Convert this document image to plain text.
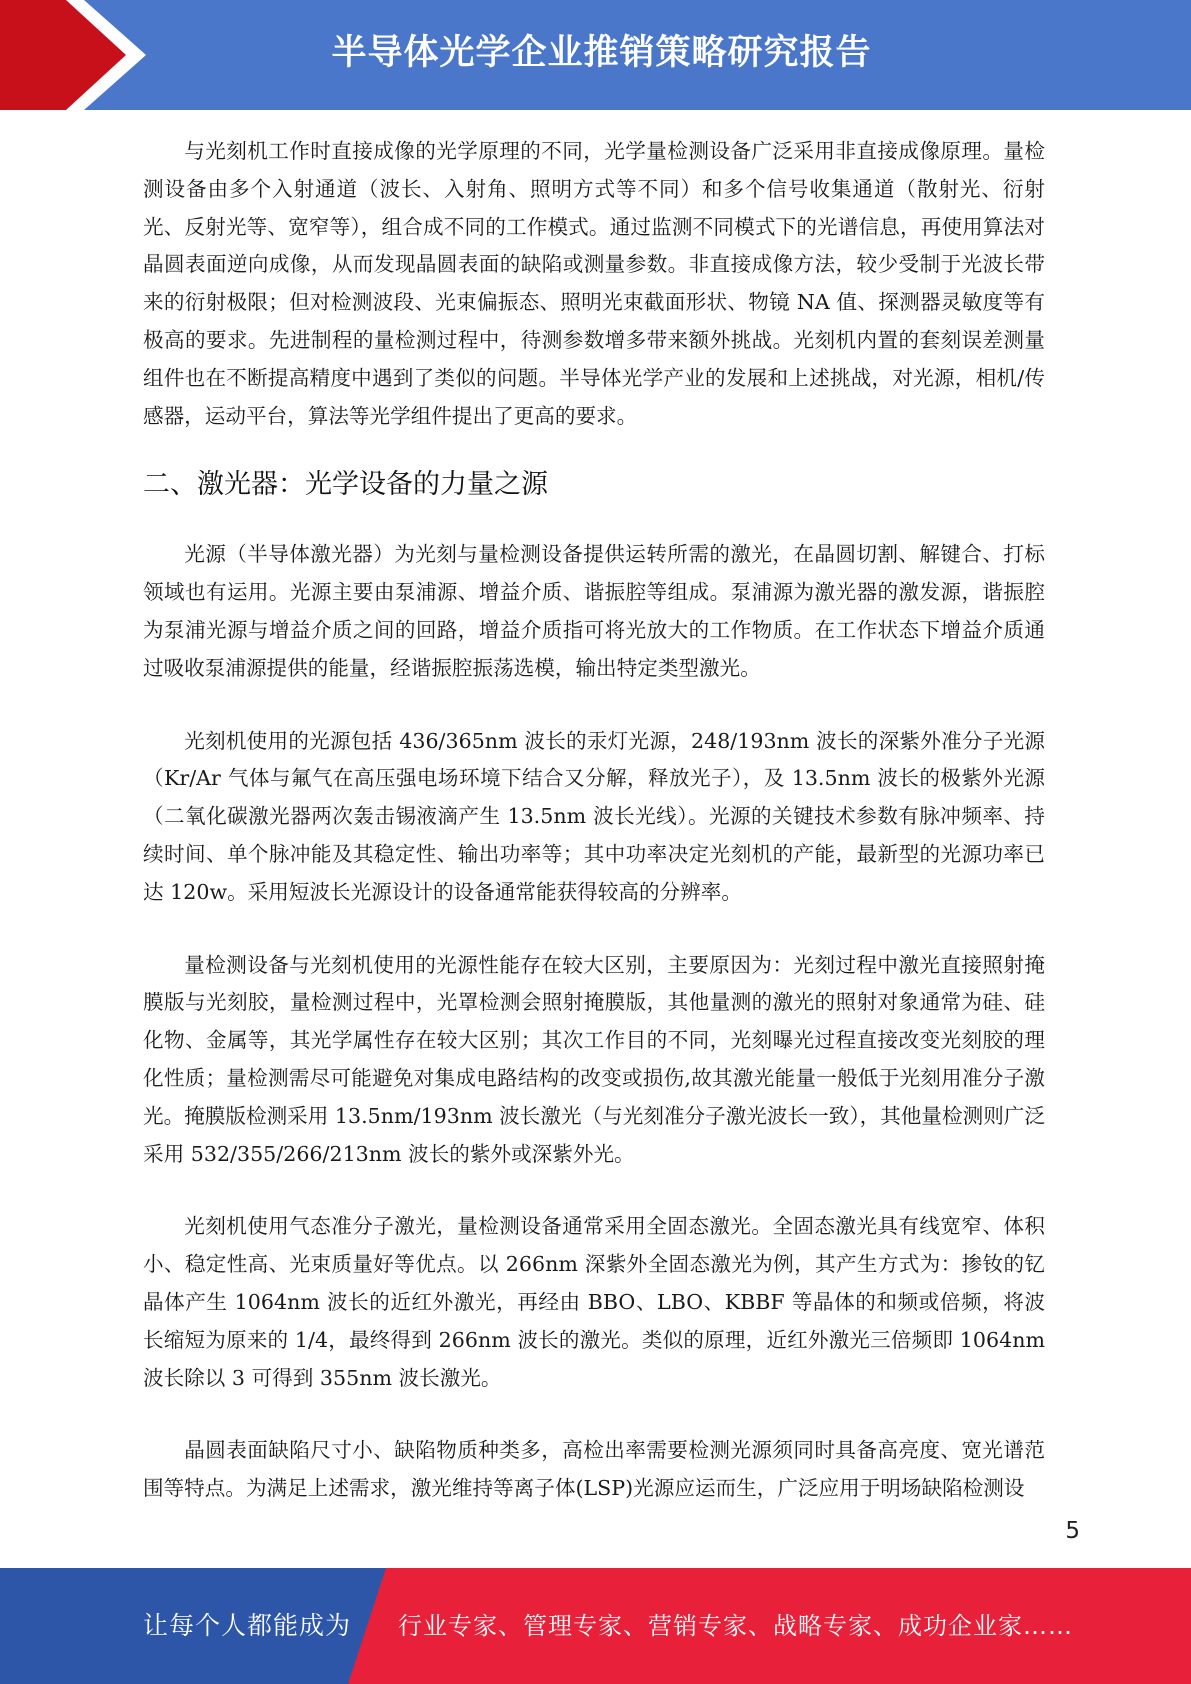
半导体光学企业推销策略研究报告

与光刻机工作时直接成像的光学原理的不同，光学量检测设备广泛采用非直接成像原理。量检测设备由多个入射通道（波长、入射角、照明方式等不同）和多个信号收集通道（散射光、衍射光、反射光等、宽窄等），组合成不同的工作模式。通过监测不同模式下的光谱信息，再使用算法对晶圆表面逆向成像，从而发现晶圆表面的缺陷或测量参数。非直接成像方法，较少受制于光波长带来的衍射极限；但对检测波段、光束偏振态、照明光束截面形状、物镜 NA 值、探测器灵敏度等有极高的要求。先进制程的量检测过程中，待测参数增多带来额外挑战。光刻机内置的套刻误差测量组件也在不断提高精度中遇到了类似的问题。半导体光学产业的发展和上述挑战，对光源，相机/传感器，运动平台，算法等光学组件提出了更高的要求。

二、激光器：光学设备的力量之源

光源（半导体激光器）为光刻与量检测设备提供运转所需的激光，在晶圆切割、解键合、打标领域也有运用。光源主要由泵浦源、增益介质、谐振腔等组成。泵浦源为激光器的激发源，谐振腔为泵浦光源与增益介质之间的回路，增益介质指可将光放大的工作物质。在工作状态下增益介质通过吸收泵浦源提供的能量，经谐振腔振荡选模，输出特定类型激光。

光刻机使用的光源包括 436/365nm 波长的汞灯光源，248/193nm 波长的深紫外准分子光源（Kr/Ar 气体与氟气在高压强电场环境下结合又分解，释放光子），及 13.5nm 波长的极紫外光源（二氧化碳激光器两次轰击锡液滴产生 13.5nm 波长光线）。光源的关键技术参数有脉冲频率、持续时间、单个脉冲能及其稳定性、输出功率等；其中功率决定光刻机的产能，最新型的光源功率已达 120w。采用短波长光源设计的设备通常能获得较高的分辨率。

量检测设备与光刻机使用的光源性能存在较大区别，主要原因为：光刻过程中激光直接照射掩膜版与光刻胶，量检测过程中，光罩检测会照射掩膜版，其他量测的激光的照射对象通常为硅、硅化物、金属等，其光学属性存在较大区别；其次工作目的不同，光刻曝光过程直接改变光刻胶的理化性质；量检测需尽可能避免对集成电路结构的改变或损伤,故其激光能量一般低于光刻用准分子激光。掩膜版检测采用 13.5nm/193nm 波长激光（与光刻准分子激光波长一致），其他量检测则广泛采用 532/355/266/213nm 波长的紫外或深紫外光。

光刻机使用气态准分子激光，量检测设备通常采用全固态激光。全固态激光具有线宽窄、体积小、稳定性高、光束质量好等优点。以 266nm 深紫外全固态激光为例，其产生方式为：掺钕的钇晶体产生 1064nm 波长的近红外激光，再经由 BBO、LBO、KBBF 等晶体的和频或倍频，将波长缩短为原来的 1/4，最终得到 266nm 波长的激光。类似的原理，近红外激光三倍频即 1064nm 波长除以 3 可得到 355nm 波长激光。

晶圆表面缺陷尺寸小、缺陷物质种类多，高检出率需要检测光源须同时具备高亮度、宽光谱范围等特点。为满足上述需求，激光维持等离子体(LSP)光源应运而生，广泛应用于明场缺陷检测设

5
让每个人都能成为 行业专家、管理专家、营销专家、战略专家、成功企业家……
